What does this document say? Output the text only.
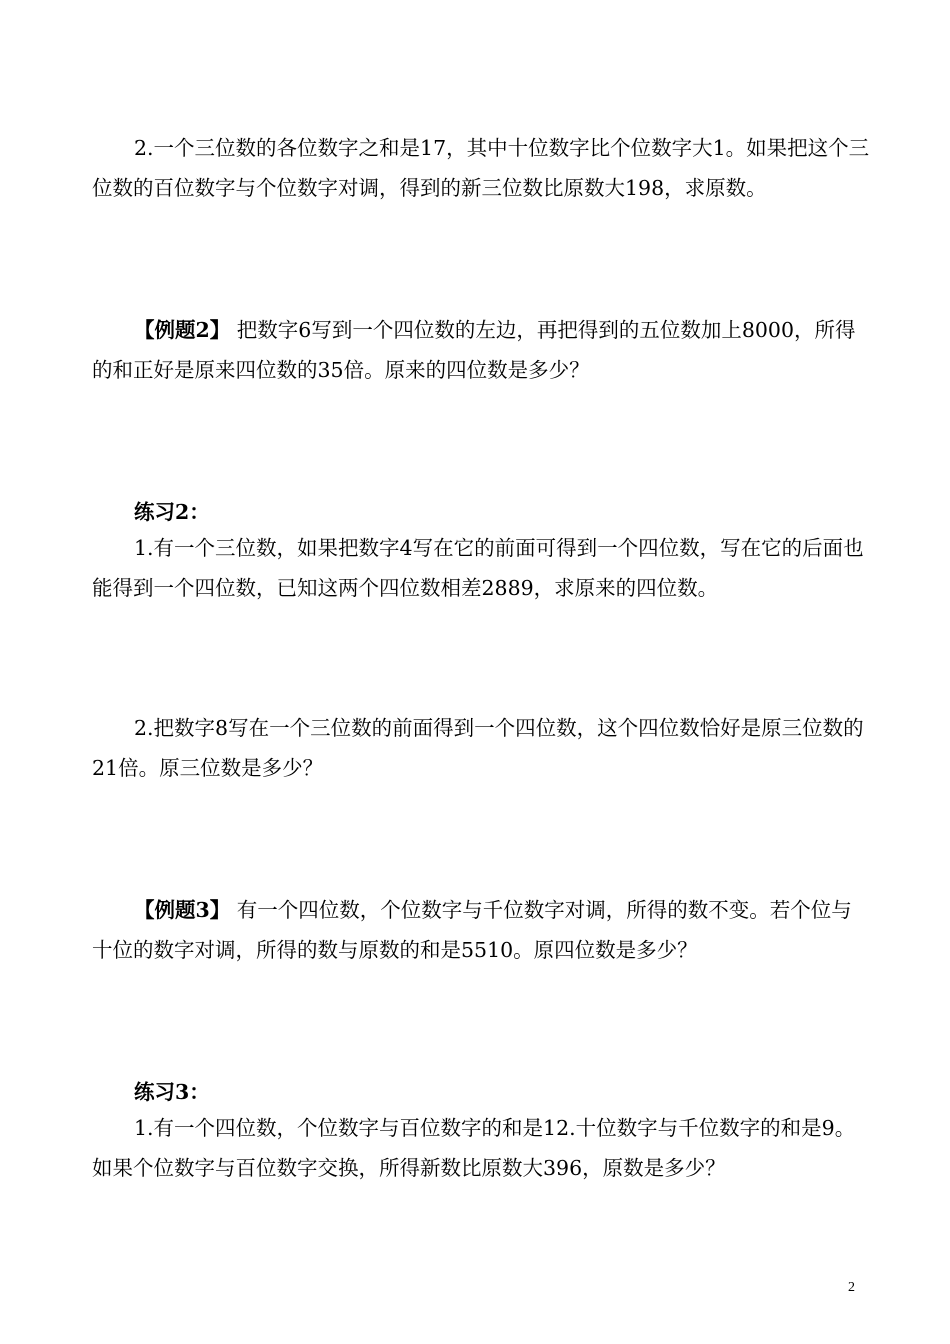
2.一个三位数的各位数字之和是17，其中十位数字比个位数字大1。如果把这个三位数的百位数字与个位数字对调，得到的新三位数比原数大198，求原数。

【例题2】 把数字6写到一个四位数的左边，再把得到的五位数加上8000，所得的和正好是原来四位数的35倍。原来的四位数是多少？

练习2：

1.有一个三位数，如果把数字4写在它的前面可得到一个四位数，写在它的后面也能得到一个四位数，已知这两个四位数相差2889，求原来的四位数。

2.把数字8写在一个三位数的前面得到一个四位数，这个四位数恰好是原三位数的21倍。原三位数是多少？

【例题3】 有一个四位数，个位数字与千位数字对调，所得的数不变。若个位与十位的数字对调，所得的数与原数的和是5510。原四位数是多少？

练习3：

1.有一个四位数，个位数字与百位数字的和是12.十位数字与千位数字的和是9。如果个位数字与百位数字交换，所得新数比原数大396，原数是多少？

2
